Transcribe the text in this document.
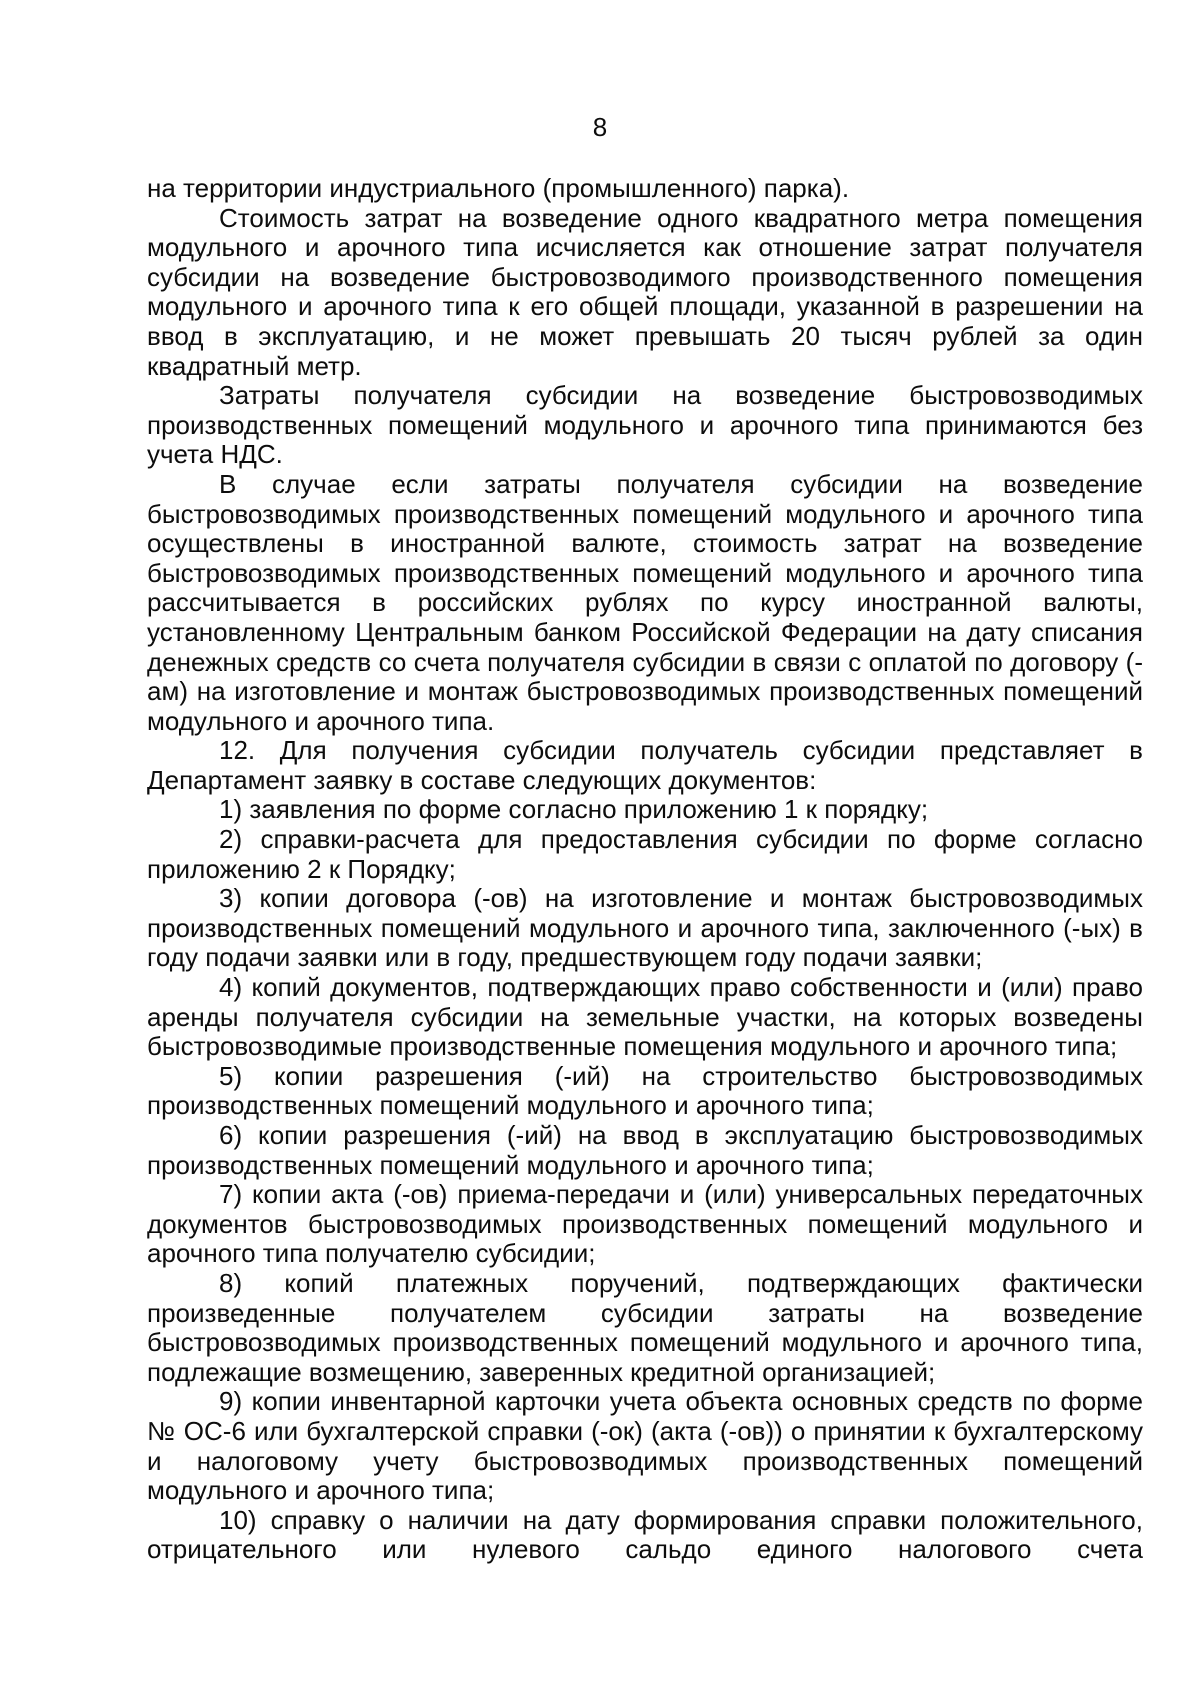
8

на территории индустриального (промышленного) парка).

Стоимость затрат на возведение одного квадратного метра помещения модульного и арочного типа исчисляется как отношение затрат получателя субсидии на возведение быстровозводимого производственного помещения модульного и арочного типа к его общей площади, указанной в разрешении на ввод в эксплуатацию, и не может превышать 20 тысяч рублей за один квадратный метр.

Затраты получателя субсидии на возведение быстровозводимых производственных помещений модульного и арочного типа принимаются без учета НДС.

В случае если затраты получателя субсидии на возведение быстровозводимых производственных помещений модульного и арочного типа осуществлены в иностранной валюте, стоимость затрат на возведение быстровозводимых производственных помещений модульного и арочного типа рассчитывается в российских рублях по курсу иностранной валюты, установленному Центральным банком Российской Федерации на дату списания денежных средств со счета получателя субсидии в связи с оплатой по договору (-ам) на изготовление и монтаж быстровозводимых производственных помещений модульного и арочного типа.

12. Для получения субсидии получатель субсидии представляет в Департамент заявку в составе следующих документов:

1) заявления по форме согласно приложению 1 к порядку;

2) справки-расчета для предоставления субсидии по форме согласно приложению 2 к Порядку;

3) копии договора (-ов) на изготовление и монтаж быстровозводимых производственных помещений модульного и арочного типа, заключенного (-ых) в году подачи заявки или в году, предшествующем году подачи заявки;

4) копий документов, подтверждающих право собственности и (или) право аренды получателя субсидии на земельные участки, на которых возведены быстровозводимые производственные помещения модульного и арочного типа;

5) копии разрешения (-ий) на строительство быстровозводимых производственных помещений модульного и арочного типа;

6) копии разрешения (-ий) на ввод в эксплуатацию быстровозводимых производственных помещений модульного и арочного типа;

7) копии акта (-ов) приема-передачи и (или) универсальных передаточных документов быстровозводимых производственных помещений модульного и арочного типа получателю субсидии;

8) копий платежных поручений, подтверждающих фактически произведенные получателем субсидии затраты на возведение быстровозводимых производственных помещений модульного и арочного типа, подлежащие возмещению, заверенных кредитной организацией;

9) копии инвентарной карточки учета объекта основных средств по форме № ОС-6 или бухгалтерской справки (-ок) (акта (-ов)) о принятии к бухгалтерскому и налоговому учету быстровозводимых производственных помещений модульного и арочного типа;

10) справку о наличии на дату формирования справки положительного, отрицательного или нулевого сальдо единого налогового счета
